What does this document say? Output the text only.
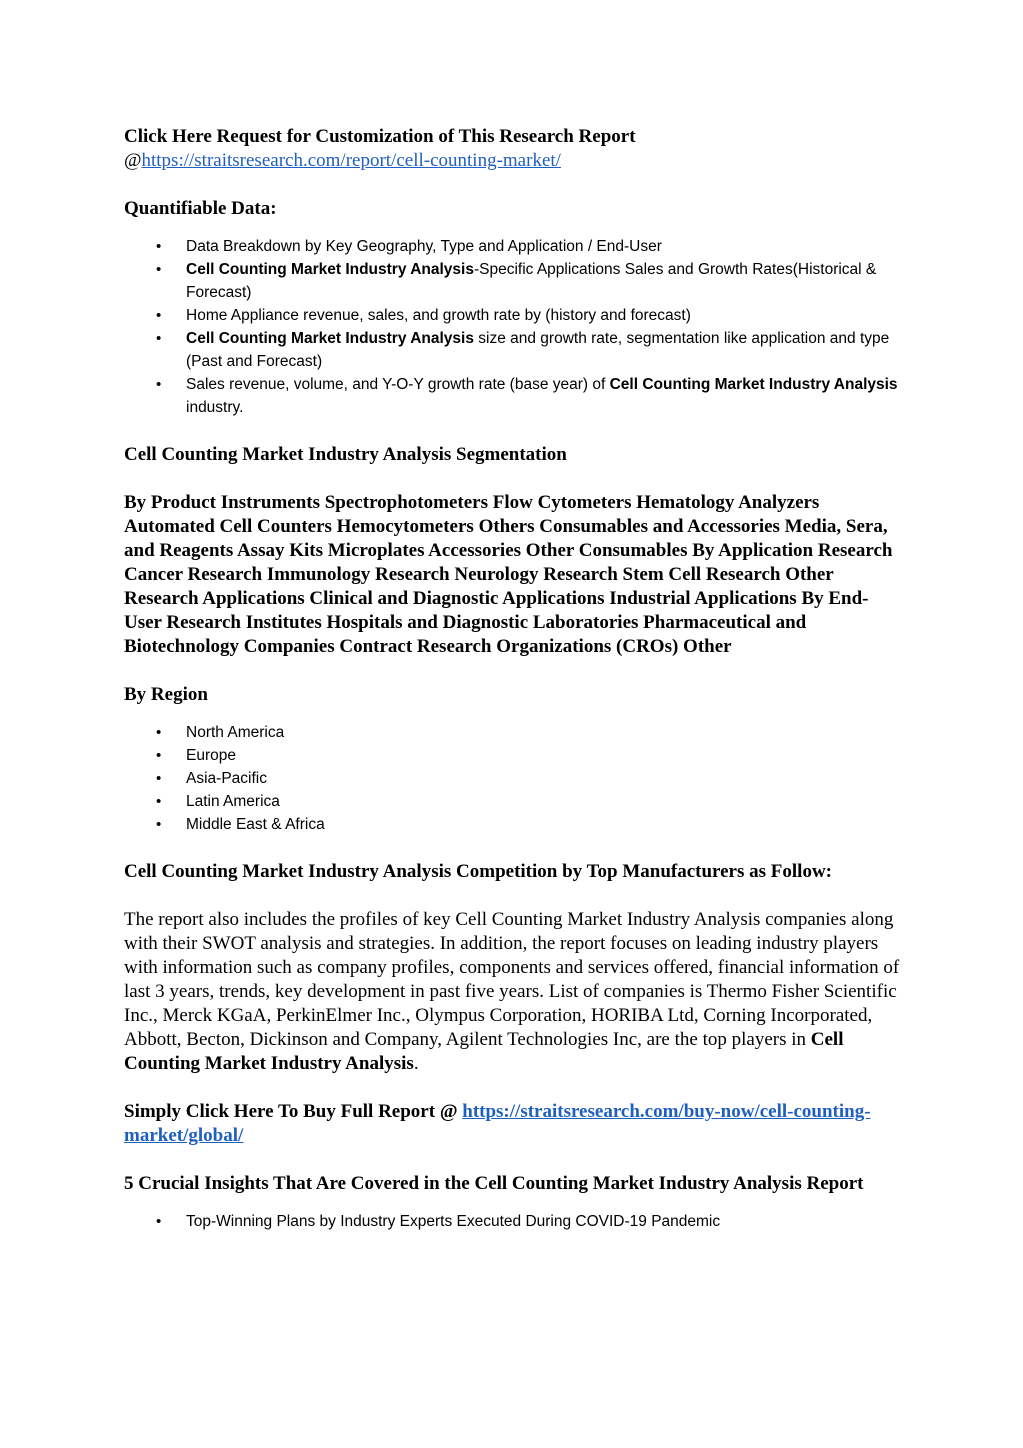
Click Here Request for Customization of This Research Report

@https://straitsresearch.com/report/cell-counting-market/

Quantifiable Data:

• Data Breakdown by Key Geography, Type and Application / End-User
• Cell Counting Market Industry Analysis-Specific Applications Sales and Growth Rates(Historical & Forecast)
• Home Appliance revenue, sales, and growth rate by (history and forecast)
• Cell Counting Market Industry Analysis size and growth rate, segmentation like application and type (Past and Forecast)
• Sales revenue, volume, and Y-O-Y growth rate (base year) of Cell Counting Market Industry Analysis industry.

Cell Counting Market Industry Analysis Segmentation

By Product Instruments Spectrophotometers Flow Cytometers Hematology Analyzers Automated Cell Counters Hemocytometers Others Consumables and Accessories Media, Sera, and Reagents Assay Kits Microplates Accessories Other Consumables By Application Research Cancer Research Immunology Research Neurology Research Stem Cell Research Other Research Applications Clinical and Diagnostic Applications Industrial Applications By End-User Research Institutes Hospitals and Diagnostic Laboratories Pharmaceutical and Biotechnology Companies Contract Research Organizations (CROs) Other

By Region

• North America
• Europe
• Asia-Pacific
• Latin America
• Middle East & Africa

Cell Counting Market Industry Analysis Competition by Top Manufacturers as Follow:

The report also includes the profiles of key Cell Counting Market Industry Analysis companies along with their SWOT analysis and strategies. In addition, the report focuses on leading industry players with information such as company profiles, components and services offered, financial information of last 3 years, trends, key development in past five years. List of companies is Thermo Fisher Scientific Inc., Merck KGaA, PerkinElmer Inc., Olympus Corporation, HORIBA Ltd, Corning Incorporated, Abbott, Becton, Dickinson and Company, Agilent Technologies Inc, are the top players in Cell Counting Market Industry Analysis.

Simply Click Here To Buy Full Report @ https://straitsresearch.com/buy-now/cell-counting-market/global/

5 Crucial Insights That Are Covered in the Cell Counting Market Industry Analysis Report

• Top-Winning Plans by Industry Experts Executed During COVID-19 Pandemic
